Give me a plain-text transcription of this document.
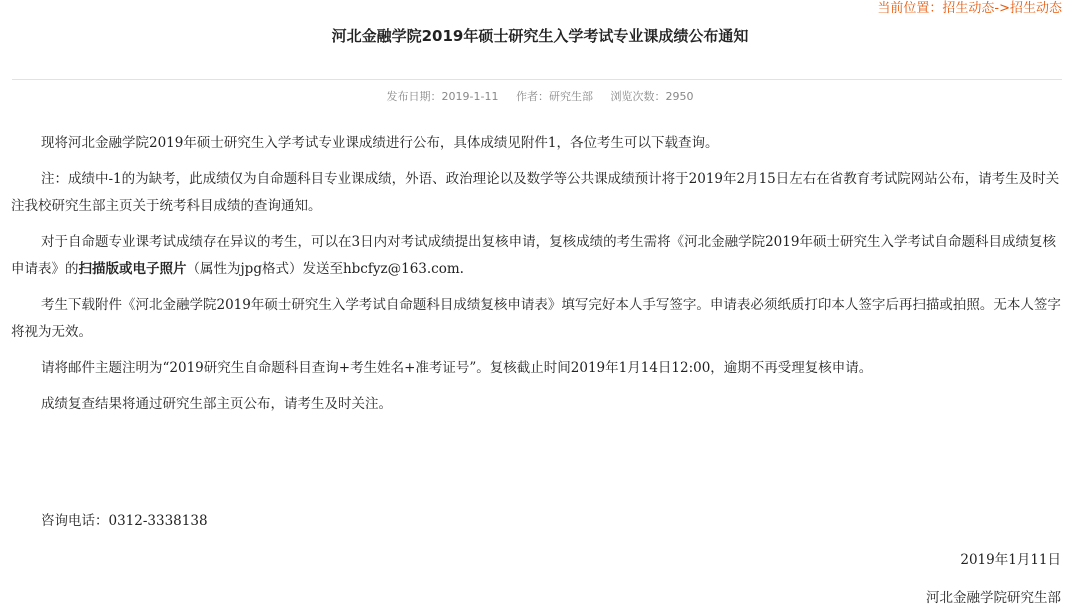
当前位置：招生动态->招生动态
河北金融学院2019年硕士研究生入学考试专业课成绩公布通知
发布日期：2019-1-11 作者：研究生部 浏览次数：2950

现将河北金融学院2019年硕士研究生入学考试专业课成绩进行公布，具体成绩见附件1，各位考生可以下载查询。

注：成绩中-1的为缺考，此成绩仅为自命题科目专业课成绩，外语、政治理论以及数学等公共课成绩预计将于2019年2月15日左右在省教育考试院网站公布，请考生及时关注我校研究生部主页关于统考科目成绩的查询通知。

对于自命题专业课考试成绩存在异议的考生，可以在3日内对考试成绩提出复核申请，复核成绩的考生需将《河北金融学院2019年硕士研究生入学考试自命题科目成绩复核申请表》的扫描版或电子照片（属性为jpg格式）发送至hbcfyz@163.com.

考生下载附件《河北金融学院2019年硕士研究生入学考试自命题科目成绩复核申请表》填写完好本人手写签字。申请表必须纸质打印本人签字后再扫描或拍照。无本人签字将视为无效。

请将邮件主题注明为“2019研究生自命题科目查询+考生姓名+准考证号”。复核截止时间2019年1月14日12:00，逾期不再受理复核申请。

成绩复查结果将通过研究生部主页公布，请考生及时关注。

咨询电话：0312-3338138
2019年1月11日
河北金融学院研究生部
